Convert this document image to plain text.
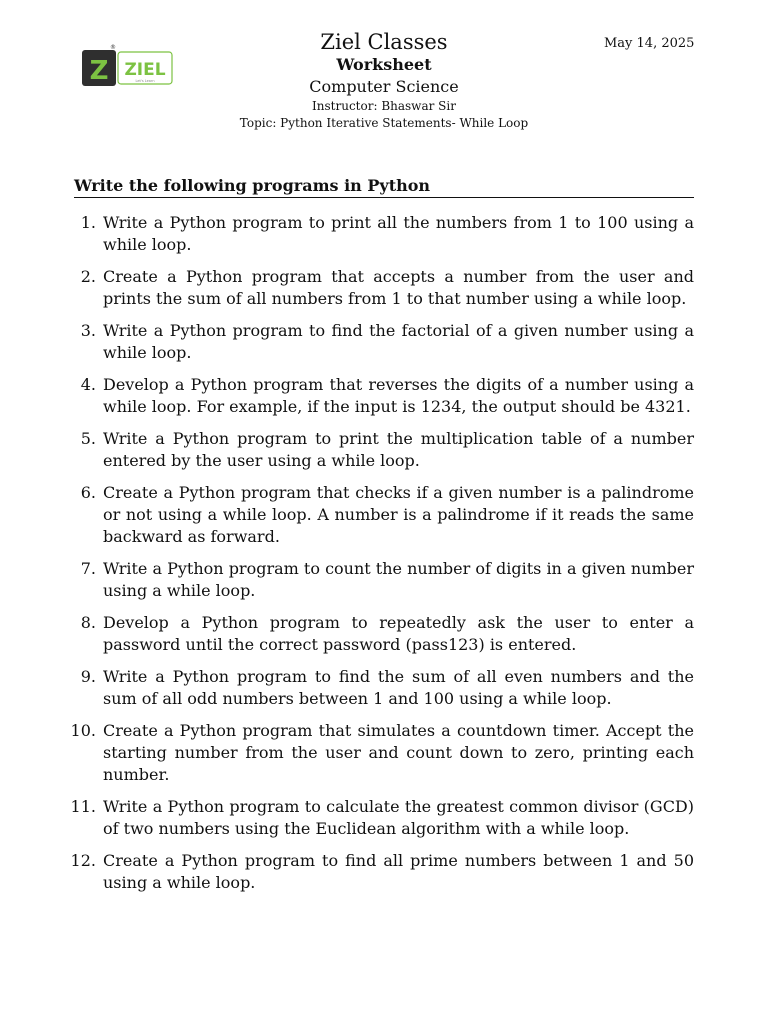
Z ZIEL
Let's Learn
®	May 14, 2025
Ziel Classes
Worksheet
Computer Science
Instructor: Bhaswar Sir
Topic: Python Iterative Statements- While Loop
Write the following programs in Python
1. Write a Python program to print all the numbers from 1 to 100 using a while loop.
2. Create a Python program that accepts a number from the user and prints the sum of all numbers from 1 to that number using a while loop.
3. Write a Python program to find the factorial of a given number using a while loop.
4. Develop a Python program that reverses the digits of a number using a while loop. For example, if the input is 1234, the output should be 4321.
5. Write a Python program to print the multiplication table of a number entered by the user using a while loop.
6. Create a Python program that checks if a given number is a palindrome or not using a while loop. A number is a palindrome if it reads the same backward as forward.
7. Write a Python program to count the number of digits in a given number using a while loop.
8. Develop a Python program to repeatedly ask the user to enter a password until the correct password (pass123) is entered.
9. Write a Python program to find the sum of all even numbers and the sum of all odd numbers between 1 and 100 using a while loop.
10. Create a Python program that simulates a countdown timer. Accept the starting number from the user and count down to zero, printing each number.
11. Write a Python program to calculate the greatest common divisor (GCD) of two numbers using the Euclidean algorithm with a while loop.
12. Create a Python program to find all prime numbers between 1 and 50 using a while loop.
